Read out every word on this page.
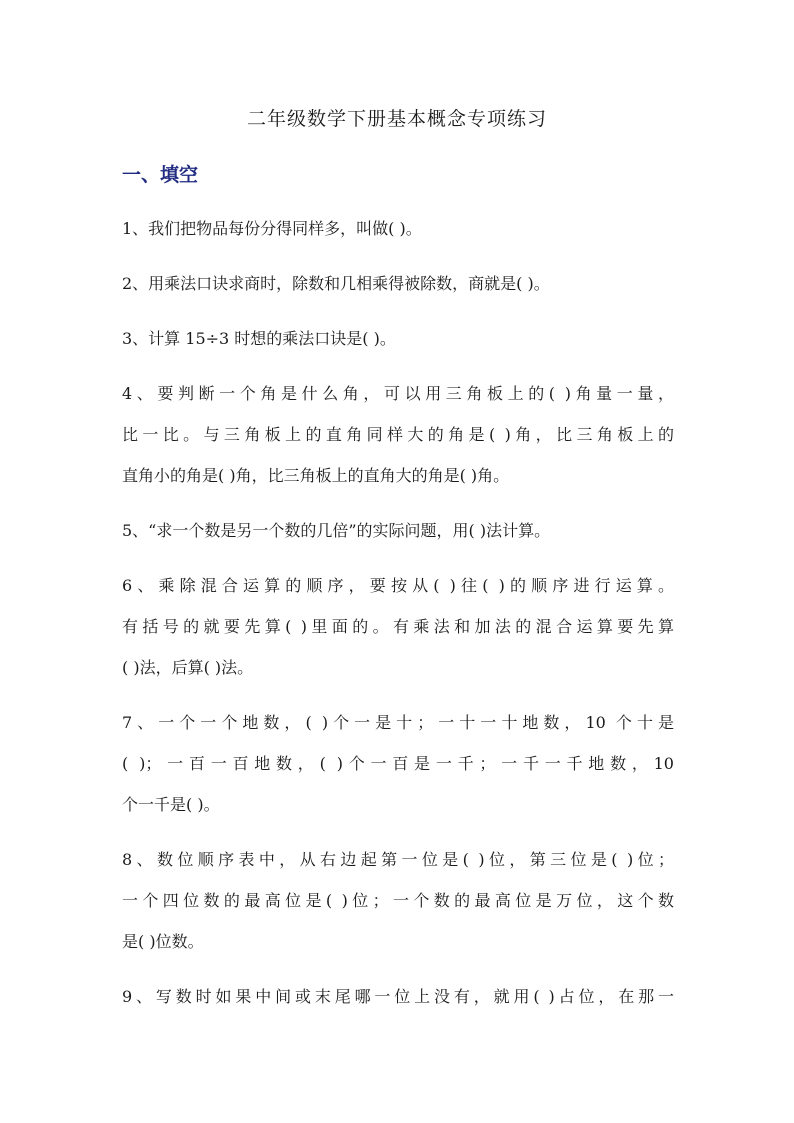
二年级数学下册基本概念专项练习
一、填空
1、我们把物品每份分得同样多，叫做( )。
2、用乘法口诀求商时，除数和几相乘得被除数，商就是( )。
3、计算 15÷3 时想的乘法口诀是( )。
4、要判断一个角是什么角，可以用三角板上的( )角量一量，
比一比。与三角板上的直角同样大的角是( )角，比三角板上的
直角小的角是( )角，比三角板上的直角大的角是( )角。
5、“求一个数是另一个数的几倍”的实际问题，用( )法计算。
6、乘除混合运算的顺序，要按从( )往( )的顺序进行运算。
有括号的就要先算( )里面的。有乘法和加法的混合运算要先算
( )法，后算( )法。
7、一个一个地数，( )个一是十；一十一十地数，10 个十是
( )；一百一百地数，( )个一百是一千；一千一千地数，10
个一千是( )。
8、数位顺序表中，从右边起第一位是( )位，第三位是( )位；
一个四位数的最高位是( )位；一个数的最高位是万位，这个数
是( )位数。
9、写数时如果中间或末尾哪一位上没有，就用( )占位，在那一
